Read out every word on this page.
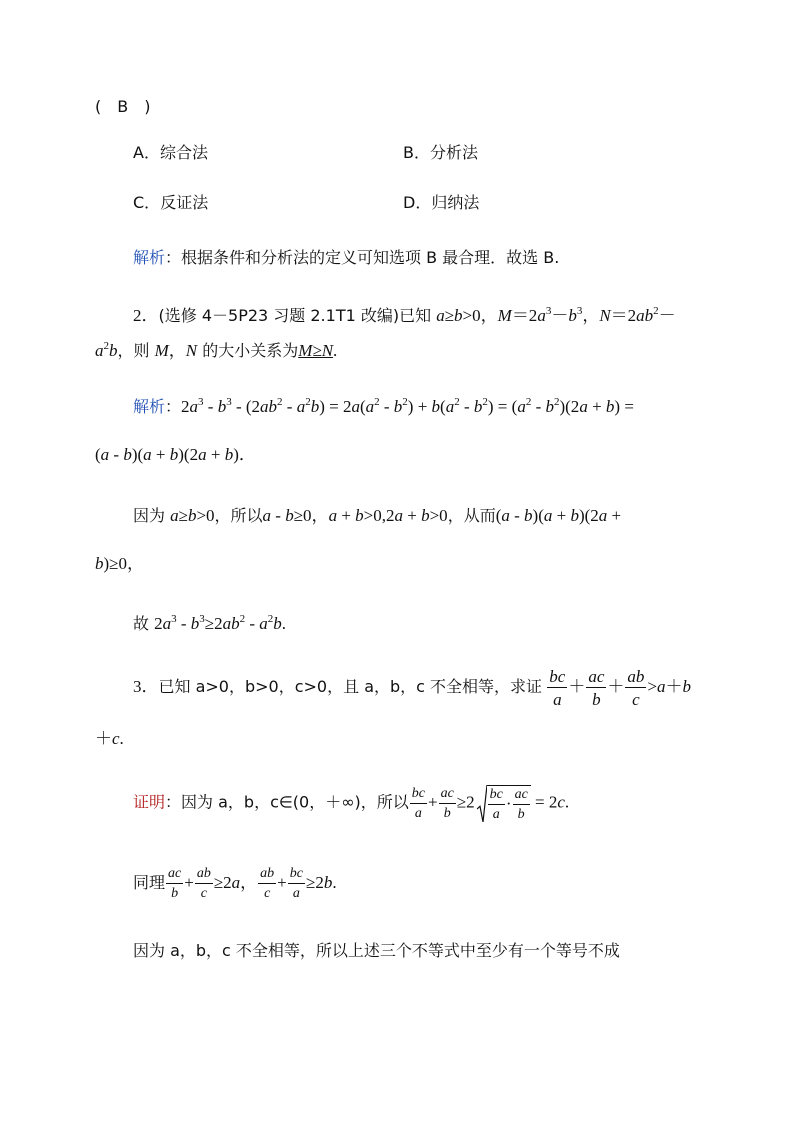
(　B　)
A．综合法	B．分析法
C．反证法	D．归纳法
解析：根据条件和分析法的定义可知选项 B 最合理．故选 B.
2．(选修 4－5P23 习题 2.1T1 改编)已知 a≥b>0，$M=2a^3-b^3$，$N=2ab^2-$
$a^2b$，则 M，N 的大小关系为M≥N.
解析：$2a^3 - b^3 - (2ab^2 - a^2b) = 2a(a^2 - b^2) + b(a^2 - b^2) = (a^2 - b^2)(2a + b)$ =
(a - b)(a + b)(2a + b)．
因为 a≥b>0，所以a - b≥0，a + b>0,2a + b>0，从而(a - b)(a + b)(2a +
b)≥0，
故 $2a^3 - b^3\ge 2ab^2 - a^2b$.
3．已知 a>0，b>0，c>0，且 a，b，c 不全相等，求证 $\frac{bc}{a} + \frac{ac}{b} + \frac{ab}{c} >a+b$
＋c.
证明：因为 a，b，c∈(0，＋∞)，所以 $\frac{bc}{a} + \frac{ac}{b} \ge 2 \frac{bc}{a} \cdot \frac{ac}{b} = 2c$.
同理 $\frac{ac}{b} + \frac{ab}{c} \ge 2a$， $\frac{ab}{c} + \frac{bc}{a} \ge 2b$.
因为 a，b，c 不全相等，所以上述三个不等式中至少有一个等号不成
